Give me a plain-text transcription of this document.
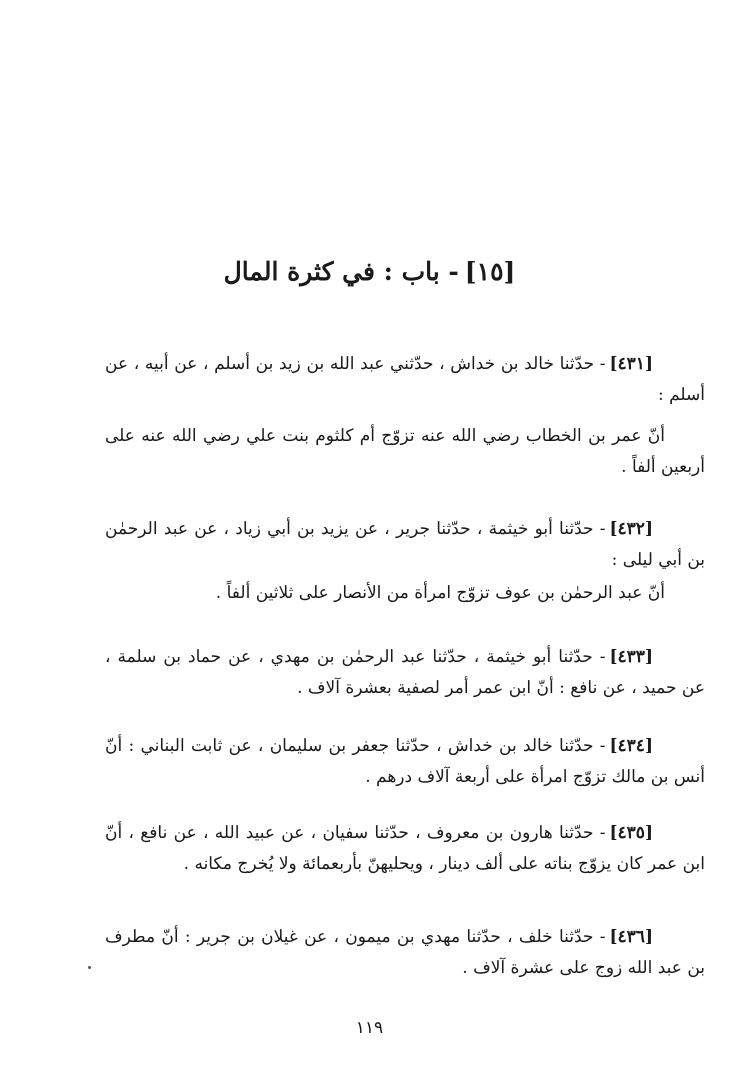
[١٥]- باب : في كثرة المال

[٤٣١]- حدّثنا خالد بن خداش ، حدّثني عبد الله بن زيد بن أسلم ، عن أبيه ، عن أسلم :

أنّ عمر بن الخطاب رضي الله عنه تزوّج أم كلثوم بنت علي رضي الله عنه على أربعين ألفاً .

[٤٣٢]- حدّثنا أبو خيثمة ، حدّثنا جرير ، عن يزيد بن أبي زياد ، عن عبد الرحمٰن بن أبي ليلى :

أنّ عبد الرحمٰن بن عوف تزوّج امرأة من الأنصار على ثلاثين ألفاً .

[٤٣٣]- حدّثنا أبو خيثمة ، حدّثنا عبد الرحمٰن بن مهدي ، عن حماد بن سلمة ، عن حميد ، عن نافع : أنّ ابن عمر أمر لصفية بعشرة آلاف .

[٤٣٤]- حدّثنا خالد بن خداش ، حدّثنا جعفر بن سليمان ، عن ثابت البناني : أنّ أنس بن مالك تزوّج امرأة على أربعة آلاف درهم .

[٤٣٥]- حدّثنا هارون بن معروف ، حدّثنا سفيان ، عن عبيد الله ، عن نافع ، أنّ ابن عمر كان يزوّج بناته على ألف دينار ، ويحليهنّ بأربعمائة ولا يُخرج مكانه .

[٤٣٦]- حدّثنا خلف ، حدّثنا مهدي بن ميمون ، عن غيلان بن جرير : أنّ مطرف بن عبد الله زوج على عشرة آلاف .

١١٩
